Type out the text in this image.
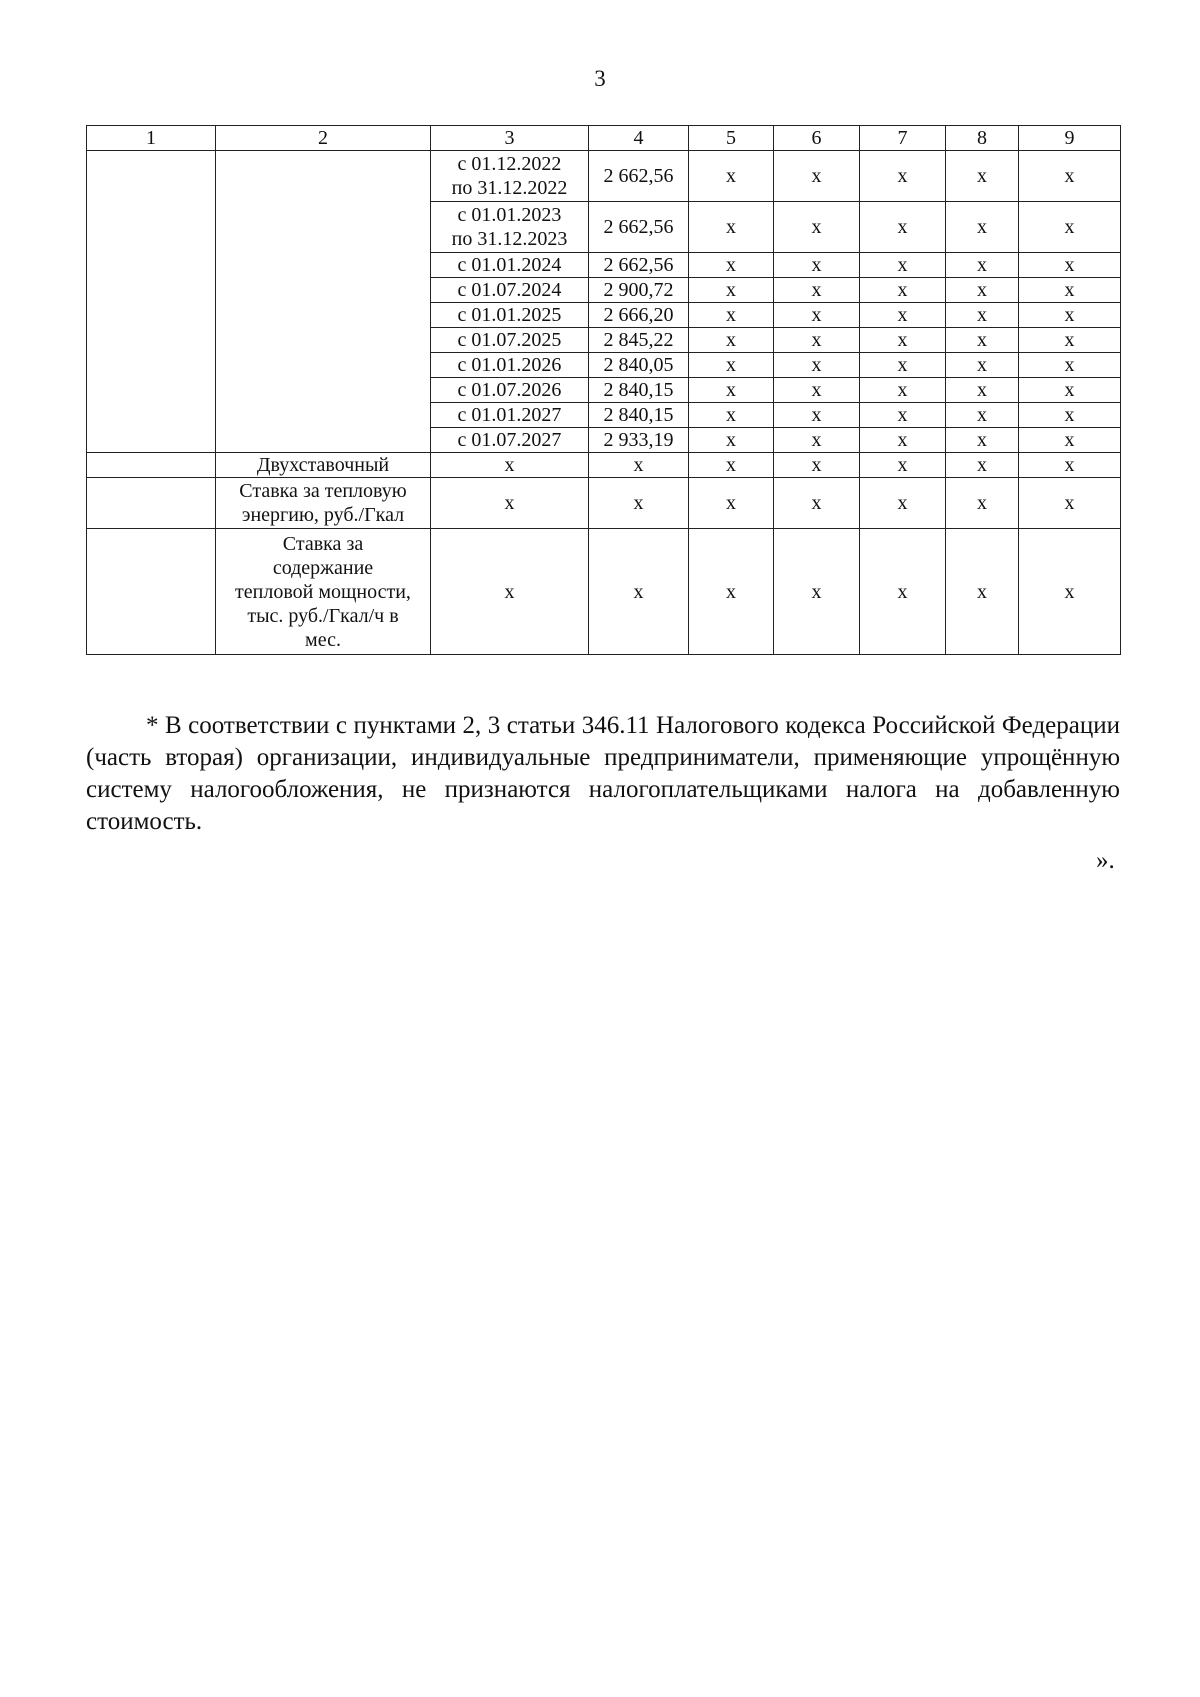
3
1	2	3	4	5	6	7	8	9

		с 01.12.2022
по 31.12.2022	2 662,56	x	x	x	x	x

		с 01.01.2023
по 31.12.2023	2 662,56	x	x	x	x	x

		с 01.01.2024	2 662,56	x	x	x	x	x

		с 01.07.2024	2 900,72	x	x	x	x	x

		с 01.01.2025	2 666,20	x	x	x	x	x

		с 01.07.2025	2 845,22	x	x	x	x	x

		с 01.01.2026	2 840,05	x	x	x	x	x

		с 01.07.2026	2 840,15	x	x	x	x	x

		с 01.01.2027	2 840,15	x	x	x	x	x

		с 01.07.2027	2 933,19	x	x	x	x	x

	Двухставочный	x	x	x	x	x	x	x

	Ставка за тепловую
энергию, руб./Гкал	x	x	x	x	x	x	x

	Ставка за
содержание
тепловой мощности,
тыс. руб./Гкал/ч в
мес.	x	x	x	x	x	x	x
* В соответствии с пунктами 2, 3 статьи 346.11 Налогового кодекса Российской Федерации (часть вторая) организации, индивидуальные предприниматели, применяющие упрощённую систему налогообложения, не признаются налогоплательщиками налога на добавленную стоимость.
».
